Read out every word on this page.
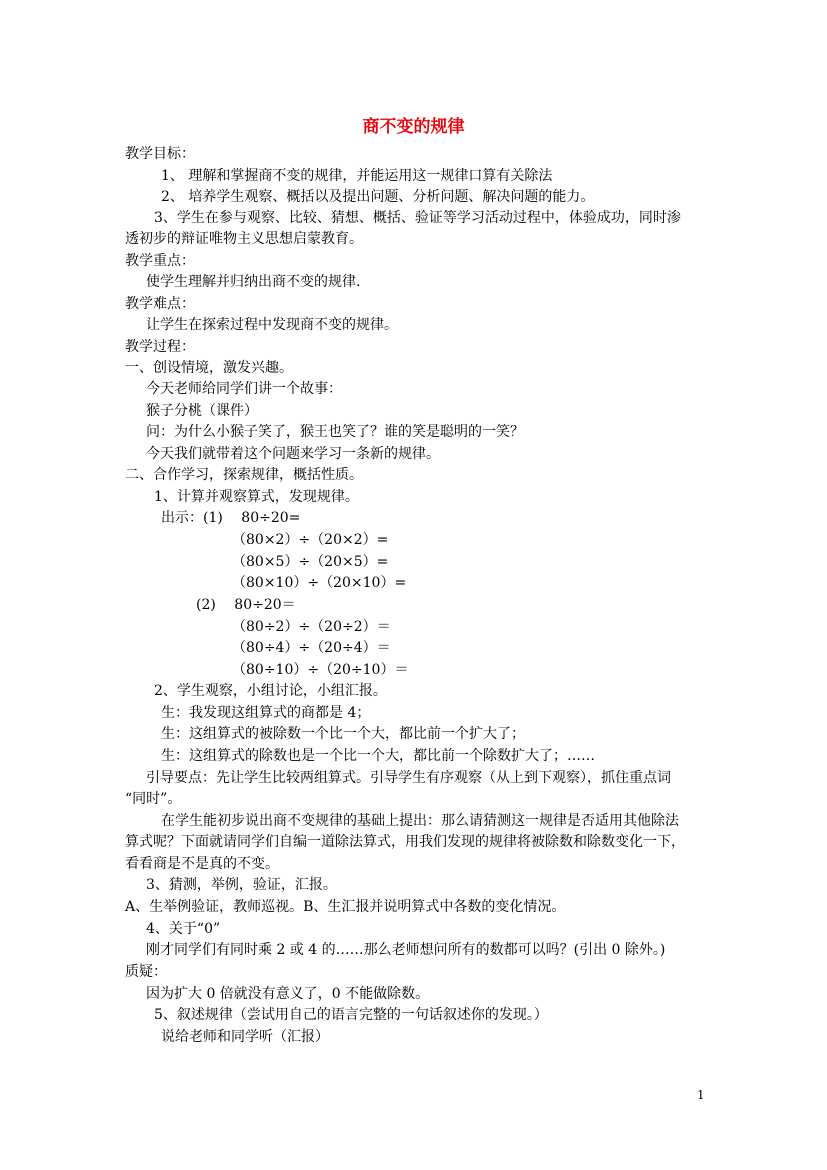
商不变的规律
教学目标：
1、 理解和掌握商不变的规律，并能运用这一规律口算有关除法
2、 培养学生观察、概括以及提出问题、分析问题、解决问题的能力。
3、学生在参与观察、比较、猜想、概括、验证等学习活动过程中，体验成功，同时渗
透初步的辩证唯物主义思想启蒙教育。
教学重点：
使学生理解并归纳出商不变的规律.
教学难点：
让学生在探索过程中发现商不变的规律。
教学过程：
一、创设情境，激发兴趣。
今天老师给同学们讲一个故事：
猴子分桃（课件）
问：为什么小猴子笑了，猴王也笑了？谁的笑是聪明的一笑？
今天我们就带着这个问题来学习一条新的规律。
二、合作学习，探索规律，概括性质。
1、计算并观察算式，发现规律。
出示：(1)　 80÷20=
（80×2）÷（20×2）=
（80×5）÷（20×5）=
（80×10）÷（20×10）=
(2)　 80÷20＝
（80÷2）÷（20÷2）＝
（80÷4）÷（20÷4）＝
（80÷10）÷（20÷10）＝
2、学生观察，小组讨论，小组汇报。
生：我发现这组算式的商都是 4；
生：这组算式的被除数一个比一个大，都比前一个扩大了；
生：这组算式的除数也是一个比一个大，都比前一个除数扩大了；……
引导要点：先让学生比较两组算式。引导学生有序观察（从上到下观察），抓住重点词
“同时”。
在学生能初步说出商不变规律的基础上提出：那么请猜测这一规律是否适用其他除法
算式呢？下面就请同学们自编一道除法算式，用我们发现的规律将被除数和除数变化一下，
看看商是不是真的不变。
3、猜测，举例，验证，汇报。
A、生举例验证，教师巡视。B、生汇报并说明算式中各数的变化情况。
4、关于“0”
刚才同学们有同时乘 2 或 4 的……那么老师想问所有的数都可以吗？(引出 0 除外。)
质疑：
因为扩大 0 倍就没有意义了，0 不能做除数。
5、叙述规律（尝试用自己的语言完整的一句话叙述你的发现。）
说给老师和同学听（汇报）
1
